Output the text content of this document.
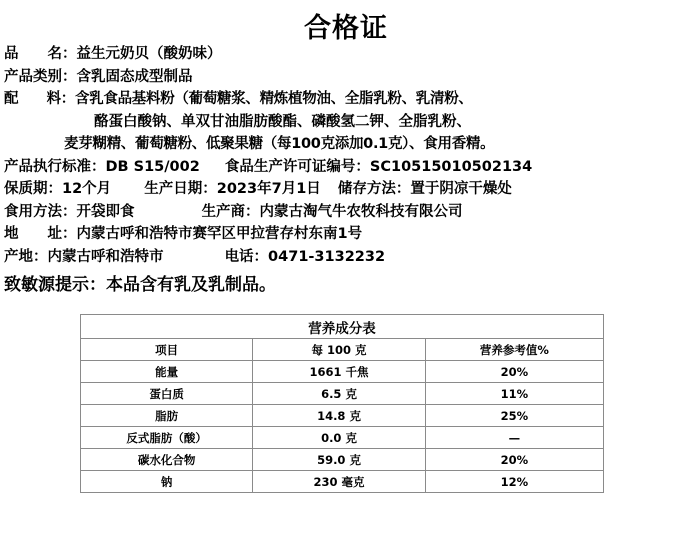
合格证
品　　名：益生元奶贝（酸奶味）
产品类别：含乳固态成型制品
配　　料：含乳食品基料粉（葡萄糖浆、精炼植物油、全脂乳粉、乳清粉、
酪蛋白酸钠、单双甘油脂肪酸酯、磷酸氢二钾、全脂乳粉、
麦芽糊精、葡萄糖粉、低聚果糖（每100克添加0.1克）、食用香精。
产品执行标准：DB S15/002 食品生产许可证编号：SC10515010502134
保质期：12个月 生产日期：2023年7月1日 储存方法：置于阴凉干燥处
食用方法：开袋即食	生产商：内蒙古淘气牛农牧科技有限公司
地　　址：内蒙古呼和浩特市赛罕区甲拉营存村东南1号
产地：内蒙古呼和浩特市	电话：0471-3132232
致敏源提示：本品含有乳及乳制品。
营养成分表		
项目	每 100 克	营养参考值%
能量	1661 千焦	20%
蛋白质	6.5 克	11%
脂肪	14.8 克	25%
反式脂肪（酸）	0.0 克	—
碳水化合物	59.0 克	20%
钠	230 毫克	12%
